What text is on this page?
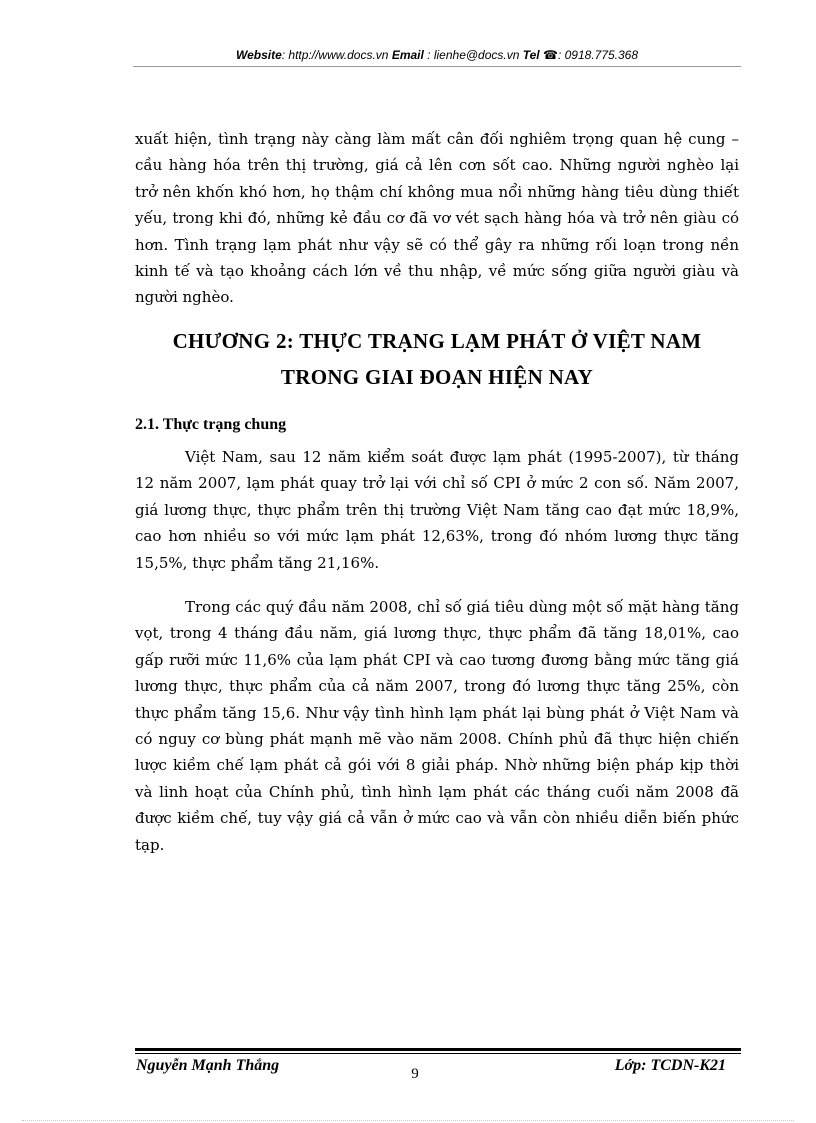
Website: http://www.docs.vn Email : lienhe@docs.vn Tel ☎: 0918.775.368
xuất hiện, tình trạng này càng làm mất cân đối nghiêm trọng quan hệ cung – cầu hàng hóa trên thị trường, giá cả lên cơn sốt cao. Những người nghèo lại trở nên khốn khó hơn, họ thậm chí không mua nổi những hàng tiêu dùng thiết yếu, trong khi đó, những kẻ đầu cơ đã vơ vét sạch hàng hóa và trở nên giàu có hơn. Tình trạng lạm phát như vậy sẽ có thể gây ra những rối loạn trong nền kinh tế và tạo khoảng cách lớn về thu nhập, về mức sống giữa người giàu và người nghèo.
CHƯƠNG 2: THỰC TRẠNG LẠM PHÁT Ở VIỆT NAM
TRONG GIAI ĐOẠN HIỆN NAY
2.1. Thực trạng chung
Việt Nam, sau 12 năm kiểm soát được lạm phát (1995-2007), từ tháng 12 năm 2007, lạm phát quay trở lại với chỉ số CPI ở mức 2 con số. Năm 2007, giá lương thực, thực phẩm trên thị trường Việt Nam tăng cao đạt mức 18,9%, cao hơn nhiều so với mức lạm phát 12,63%, trong đó nhóm lương thực tăng 15,5%, thực phẩm tăng 21,16%.
Trong các quý đầu năm 2008, chỉ số giá tiêu dùng một số mặt hàng tăng vọt, trong 4 tháng đầu năm, giá lương thực, thực phẩm đã tăng 18,01%, cao gấp rưỡi mức 11,6% của lạm phát CPI và cao tương đương bằng mức tăng giá lương thực, thực phẩm của cả năm 2007, trong đó lương thực tăng 25%, còn thực phẩm tăng 15,6. Như vậy tình hình lạm phát lại bùng phát ở Việt Nam và có nguy cơ bùng phát mạnh mẽ vào năm 2008. Chính phủ đã thực hiện chiến lược kiềm chế lạm phát cả gói với 8 giải pháp. Nhờ những biện pháp kịp thời và linh hoạt của Chính phủ, tình hình lạm phát các tháng cuối năm 2008 đã được kiềm chế, tuy vậy giá cả vẫn ở mức cao và vẫn còn nhiều diễn biến phức tạp.
Nguyễn Mạnh Thắng	9	Lớp: TCDN-K21
